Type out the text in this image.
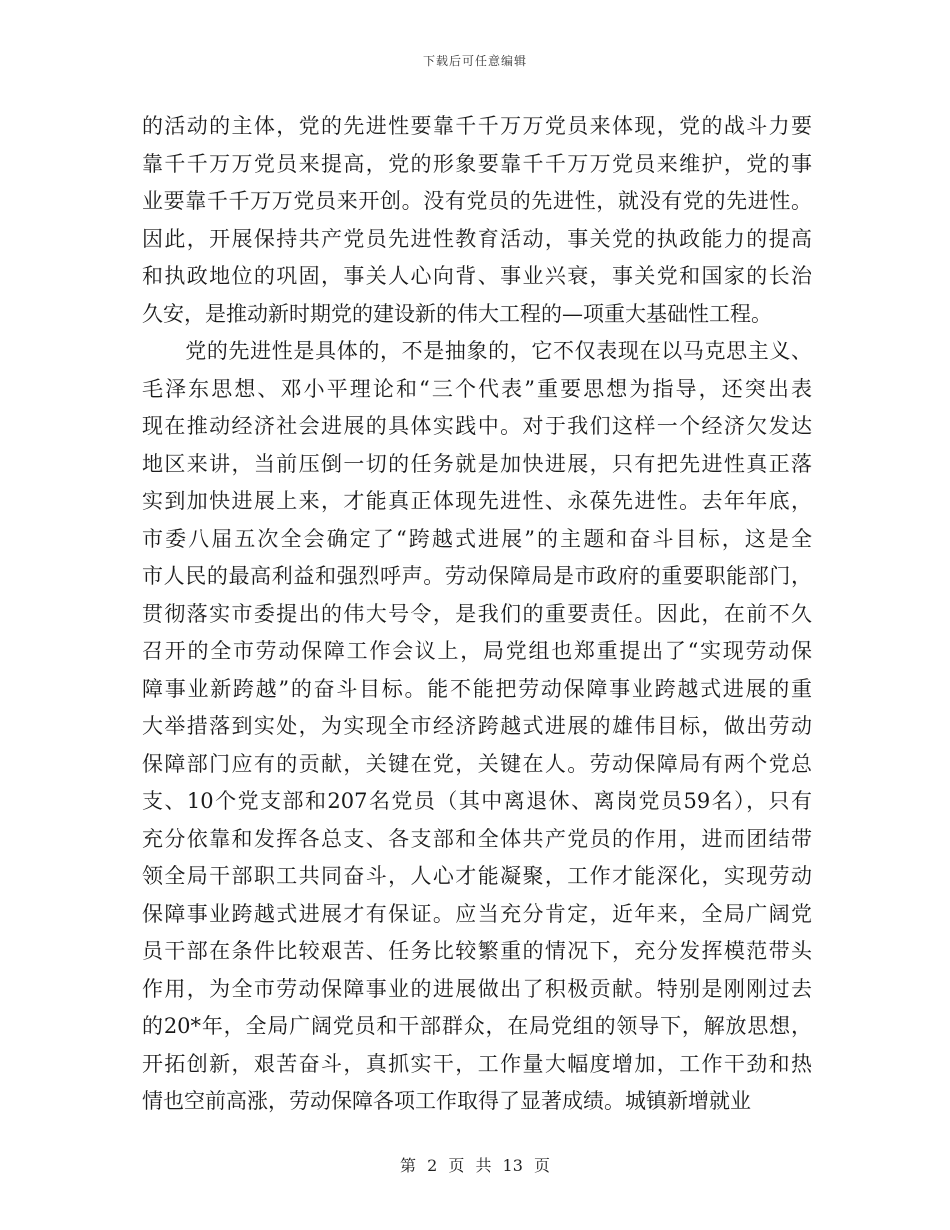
下载后可任意编辑
的活动的主体，党的先进性要靠千千万万党员来体现，党的战斗力要
靠千千万万党员来提高，党的形象要靠千千万万党员来维护，党的事
业要靠千千万万党员来开创。没有党员的先进性，就没有党的先进性。
因此，开展保持共产党员先进性教育活动，事关党的执政能力的提高
和执政地位的巩固，事关人心向背、事业兴衰，事关党和国家的长治
久安，是推动新时期党的建设新的伟大工程的—项重大基础性工程。
　　党的先进性是具体的，不是抽象的，它不仅表现在以马克思主义、
毛泽东思想、邓小平理论和“三个代表”重要思想为指导，还突出表
现在推动经济社会进展的具体实践中。对于我们这样一个经济欠发达
地区来讲，当前压倒一切的任务就是加快进展，只有把先进性真正落
实到加快进展上来，才能真正体现先进性、永葆先进性。去年年底，
市委八届五次全会确定了“跨越式进展”的主题和奋斗目标，这是全
市人民的最高利益和强烈呼声。劳动保障局是市政府的重要职能部门，
贯彻落实市委提出的伟大号令，是我们的重要责任。因此，在前不久
召开的全市劳动保障工作会议上，局党组也郑重提出了“实现劳动保
障事业新跨越”的奋斗目标。能不能把劳动保障事业跨越式进展的重
大举措落到实处，为实现全市经济跨越式进展的雄伟目标，做出劳动
保障部门应有的贡献，关键在党，关键在人。劳动保障局有两个党总
支、10个党支部和207名党员（其中离退休、离岗党员59名），只有
充分依靠和发挥各总支、各支部和全体共产党员的作用，进而团结带
领全局干部职工共同奋斗，人心才能凝聚，工作才能深化，实现劳动
保障事业跨越式进展才有保证。应当充分肯定，近年来，全局广阔党
员干部在条件比较艰苦、任务比较繁重的情况下，充分发挥模范带头
作用，为全市劳动保障事业的进展做出了积极贡献。特别是刚刚过去
的20*年，全局广阔党员和干部群众，在局党组的领导下，解放思想，
开拓创新，艰苦奋斗，真抓实干，工作量大幅度增加，工作干劲和热
情也空前高涨，劳动保障各项工作取得了显著成绩。城镇新增就业
第 2 页 共 13 页
